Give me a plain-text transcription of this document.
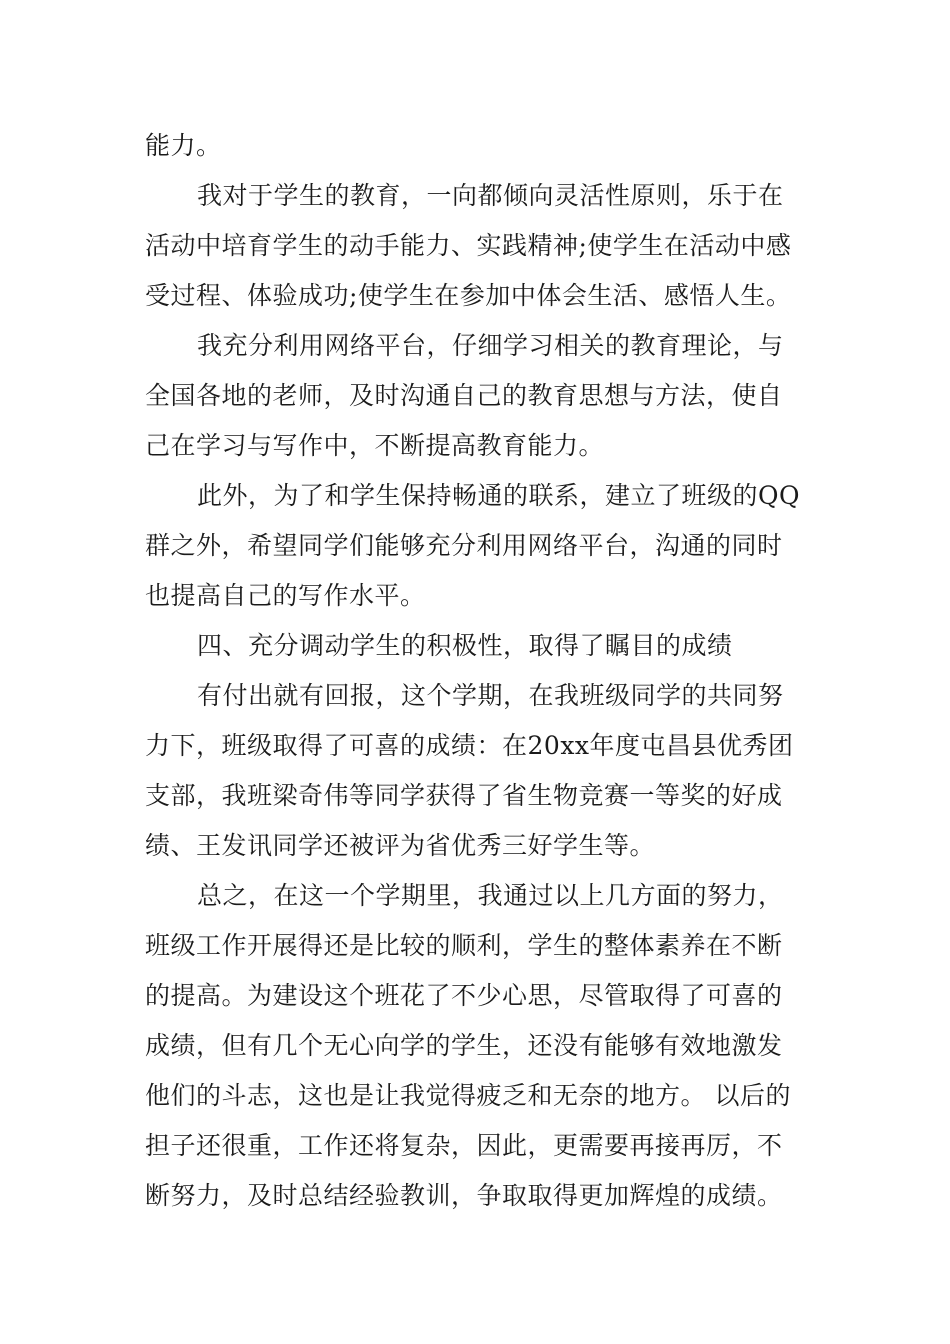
能力。
我对于学生的教育，一向都倾向灵活性原则，乐于在
活动中培育学生的动手能力、实践精神;使学生在活动中感
受过程、体验成功;使学生在参加中体会生活、感悟人生。
我充分利用网络平台，仔细学习相关的教育理论，与
全国各地的老师，及时沟通自己的教育思想与方法，使自
己在学习与写作中，不断提高教育能力。
此外，为了和学生保持畅通的联系，建立了班级的QQ
群之外，希望同学们能够充分利用网络平台，沟通的同时
也提高自己的写作水平。
四、充分调动学生的积极性，取得了瞩目的成绩
有付出就有回报，这个学期，在我班级同学的共同努
力下，班级取得了可喜的成绩：在20xx年度屯昌县优秀团
支部，我班梁奇伟等同学获得了省生物竞赛一等奖的好成
绩、王发讯同学还被评为省优秀三好学生等。
总之，在这一个学期里，我通过以上几方面的努力，
班级工作开展得还是比较的顺利，学生的整体素养在不断
的提高。为建设这个班花了不少心思，尽管取得了可喜的
成绩，但有几个无心向学的学生，还没有能够有效地激发
他们的斗志，这也是让我觉得疲乏和无奈的地方。 以后的
担子还很重，工作还将复杂，因此，更需要再接再厉，不
断努力，及时总结经验教训，争取取得更加辉煌的成绩。
